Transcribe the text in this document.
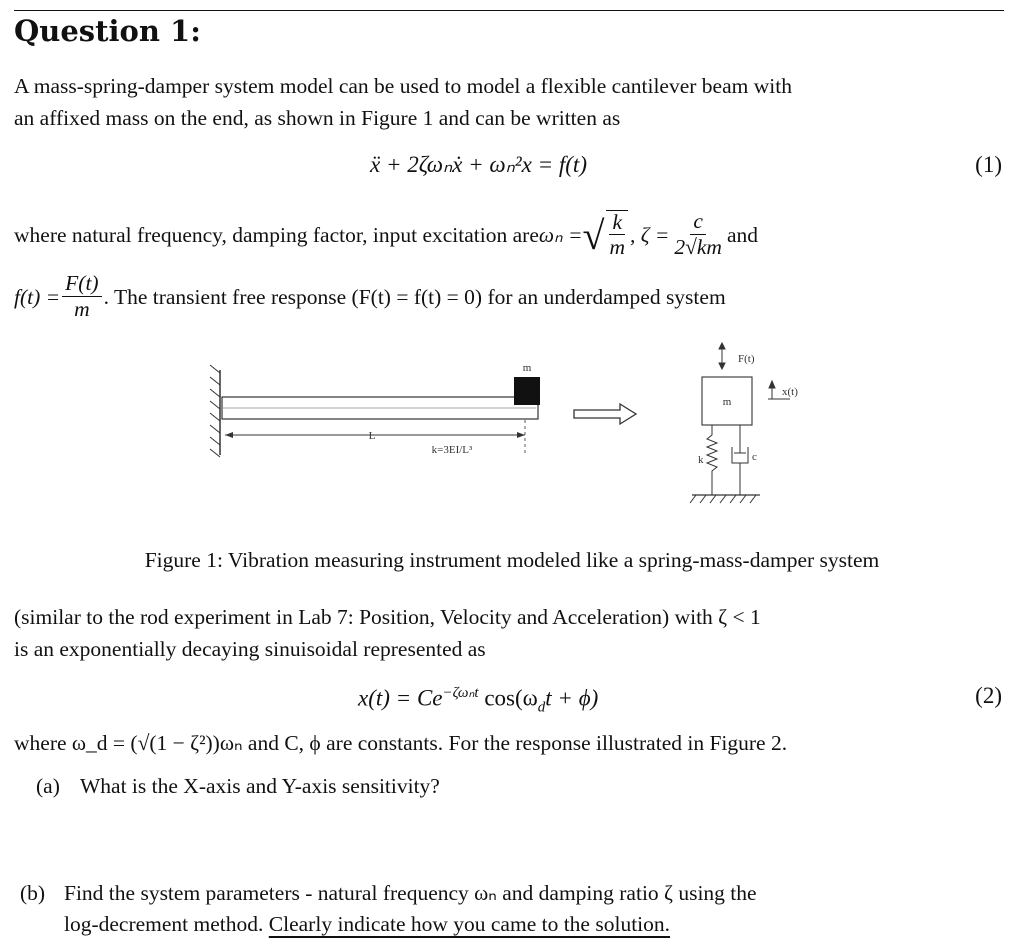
Question 1:
A mass-spring-damper system model can be used to model a flexible cantilever beam with
an affixed mass on the end, as shown in Figure 1 and can be written as
ẍ + 2ζωₙẋ + ωₙ²x = f(t)	(1)
where natural frequency, damping factor, input excitation are ωₙ = √ $\frac{k}{m}$ , $\zeta = \frac{c}{2√km}$ and
$f(t) = \frac{F(t)}{m}$ . The transient free response (F(t) = f(t) = 0) for an underdamped system
m
L
k=3EI/L³
F(t)
m
x(t)
k	c
Figure 1: Vibration measuring instrument modeled like a spring-mass-damper system
(similar to the rod experiment in Lab 7: Position, Velocity and Acceleration) with ζ < 1
is an exponentially decaying sinuisoidal represented as
$x(t) = Ce^{-\zeta\omega_nt}$ $\cos(\omega_dt + \phi)$	(2)
where ω_d = (√(1 − ζ²))ωₙ and C, ϕ are constants. For the response illustrated in Figure 2.
(a) What is the X-axis and Y-axis sensitivity?
(b) Find the system parameters - natural frequency ωₙ and damping ratio ζ using the
log-decrement method. Clearly indicate how you came to the solution.
